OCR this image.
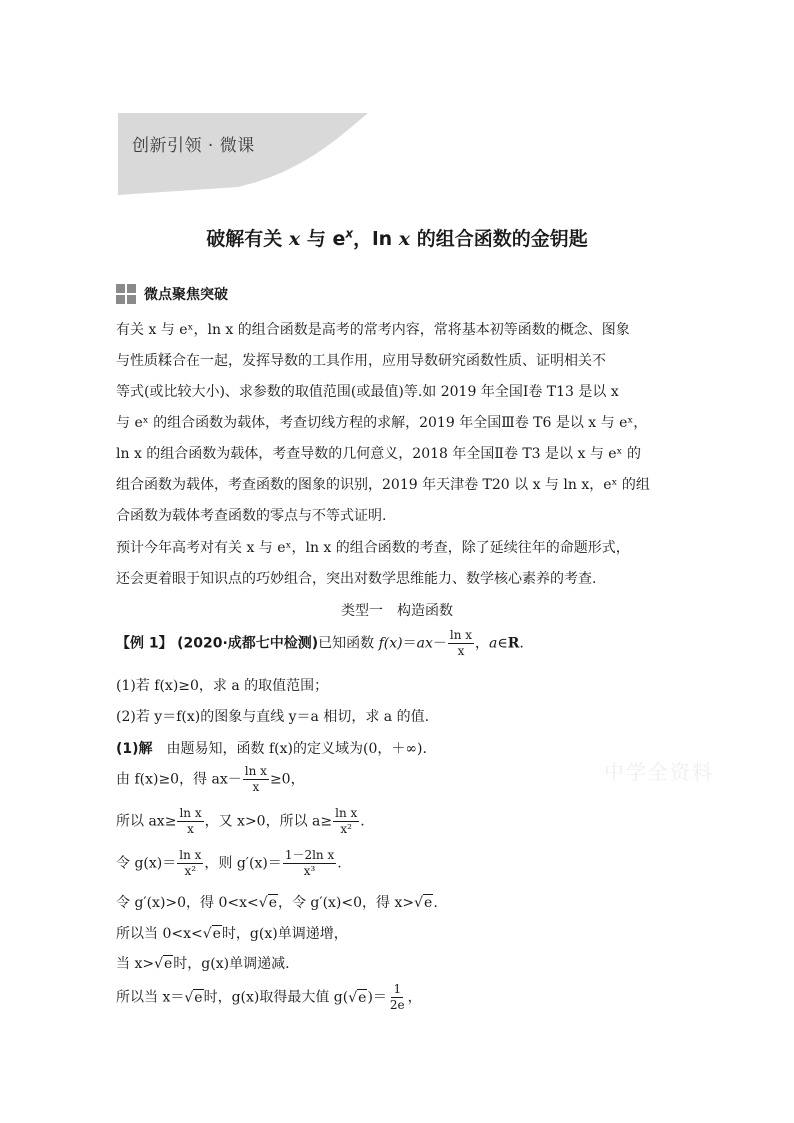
创新引领 · 微课
破解有关 x 与 $e^x$，ln x 的组合函数的金钥匙
微点聚焦突破
有关 x 与 eˣ，ln x 的组合函数是高考的常考内容，常将基本初等函数的概念、图象
与性质糅合在一起，发挥导数的工具作用，应用导数研究函数性质、证明相关不
等式(或比较大小)、求参数的取值范围(或最值)等.如 2019 年全国Ⅰ卷 T13 是以 x
与 eˣ 的组合函数为载体，考查切线方程的求解，2019 年全国Ⅲ卷 T6 是以 x 与 eˣ，
ln x 的组合函数为载体，考查导数的几何意义，2018 年全国Ⅱ卷 T3 是以 x 与 eˣ 的
组合函数为载体，考查函数的图象的识别，2019 年天津卷 T20 以 x 与 ln x，eˣ 的组
合函数为载体考查函数的零点与不等式证明.
预计今年高考对有关 x 与 eˣ，ln x 的组合函数的考查，除了延续往年的命题形式，
还会更着眼于知识点的巧妙组合，突出对数学思维能力、数学核心素养的考查.
类型一　构造函数
【例 1】 (2020·成都七中检测)已知函数 $f(x)=ax- \frac{\text{ln x}}{x}$ ，a∈R.
(1)若 f(x)≥0，求 a 的取值范围；
(2)若 y＝f(x)的图象与直线 y＝a 相切，求 a 的值.
(1)解　由题易知，函数 f(x)的定义域为(0，＋∞).
由 f(x)≥0，得 $ax- \frac{\text{ln x}}{x} \ge 0$，
所以 $ax\ge \frac{\text{ln x}}{x}$ ，又 x>0，所以 $a\ge \frac{\text{ln x}}{\text{x²}}$ .
令 $g(x)= \frac{\text{ln x}}{\text{x²}}$ ，则 $g'(x)= \frac{\text{1－2ln x}}{\text{x³}}$ .
令 g′(x)>0，得 0<x<√e，令 g′(x)<0，得 x>√e.
所以当 0<x<√e时，g(x)单调递增，
当 x>√e时，g(x)单调递减.
所以当 x＝√e时，g(x)取得最大值 $g(√e)= \frac{1}{2e}$ ，
中学全资料
